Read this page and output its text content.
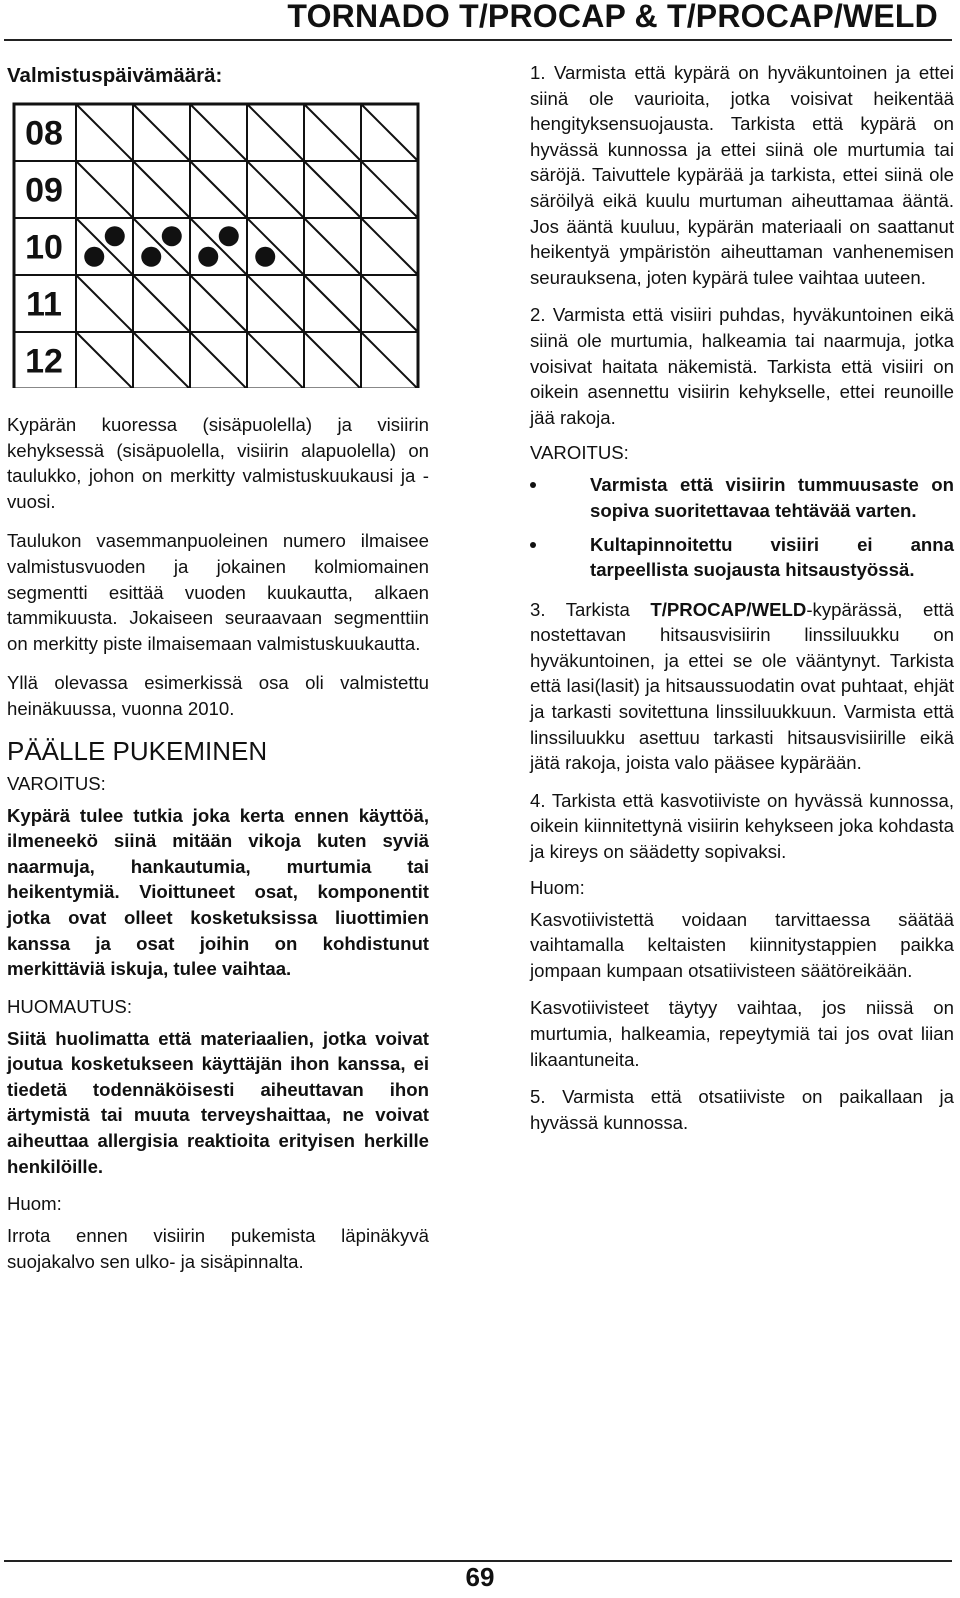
TORNADO T/PROCAP & T/PROCAP/WELD
Valmistuspäivämäärä:
08
09
10
11
12

Kypärän kuoressa (sisäpuolella) ja visiirin kehyksessä (sisäpuolella, visiirin alapuolella) on taulukko, johon on merkitty valmistuskuukausi ja -vuosi.

Taulukon vasemmanpuoleinen numero ilmaisee valmistusvuoden ja jokainen kolmiomainen segmentti esittää vuoden kuukautta, alkaen tammikuusta. Jokaiseen seuraavaan segmenttiin on merkitty piste ilmaisemaan valmistuskuukautta.

Yllä olevassa esimerkissä osa oli valmistettu heinäkuussa, vuonna 2010.

PÄÄLLE PUKEMINEN
VAROITUS:

Kypärä tulee tutkia joka kerta ennen käyttöä, ilmeneekö siinä mitään vikoja kuten syviä naarmuja, hankautumia, murtumia tai heikentymiä. Vioittuneet osat, komponentit jotka ovat olleet kosketuksissa liuottimien kanssa ja osat joihin on kohdistunut merkittäviä iskuja, tulee vaihtaa.

HUOMAUTUS:

Siitä huolimatta että materiaalien, jotka voivat joutua kosketukseen käyttäjän ihon kanssa, ei tiedetä todennäköisesti aiheuttavan ihon ärtymistä tai muuta terveyshaittaa, ne voivat aiheuttaa allergisia reaktioita erityisen herkille henkilöille.

Huom:

Irrota ennen visiirin pukemista läpinäkyvä suojakalvo sen ulko- ja sisäpinnalta.

1. Varmista että kypärä on hyväkuntoinen ja ettei siinä ole vaurioita, jotka voisivat heikentää hengityksensuojausta. Tarkista että kypärä on hyvässä kunnossa ja ettei siinä ole murtumia tai säröjä. Taivuttele kypärää ja tarkista, ettei siinä ole säröilyä eikä kuulu murtuman aiheuttamaa ääntä. Jos ääntä kuuluu, kypärän materiaali on saattanut heikentyä ympäristön aiheuttaman vanhenemisen seurauksena, joten kypärä tulee vaihtaa uuteen.

2. Varmista että visiiri puhdas, hyväkuntoinen eikä siinä ole murtumia, halkeamia tai naarmuja, jotka voisivat haitata näkemistä. Tarkista että visiiri on oikein asennettu visiirin kehykselle, ettei reunoille jää rakoja.

VAROITUS:
Varmista että visiirin tummuusaste on sopiva suoritettavaa tehtävää varten.
Kultapinnoitettu visiiri ei anna tarpeellista suojausta hitsaustyössä.

3. Tarkista T/PROCAP/WELD-kypärässä, että nostettavan hitsausvisiirin linssiluukku on hyväkuntoinen, ja ettei se ole vääntynyt. Tarkista että lasi(lasit) ja hitsaussuodatin ovat puhtaat, ehjät ja tarkasti sovitettuna linssiluukkuun. Varmista että linssiluukku asettuu tarkasti hitsausvisiirille eikä jätä rakoja, joista valo pääsee kypärään.

4. Tarkista että kasvotiiviste on hyvässä kunnossa, oikein kiinnitettynä visiirin kehykseen joka kohdasta ja kireys on säädetty sopivaksi.

Huom:

Kasvotiivistettä voidaan tarvittaessa säätää vaihtamalla keltaisten kiinnitystappien paikka jompaan kumpaan otsatiivisteen säätöreikään.

Kasvotiivisteet täytyy vaihtaa, jos niissä on murtumia, halkeamia, repeytymiä tai jos ovat liian likaantuneita.

5. Varmista että otsatiiviste on paikallaan ja hyvässä kunnossa.

69
